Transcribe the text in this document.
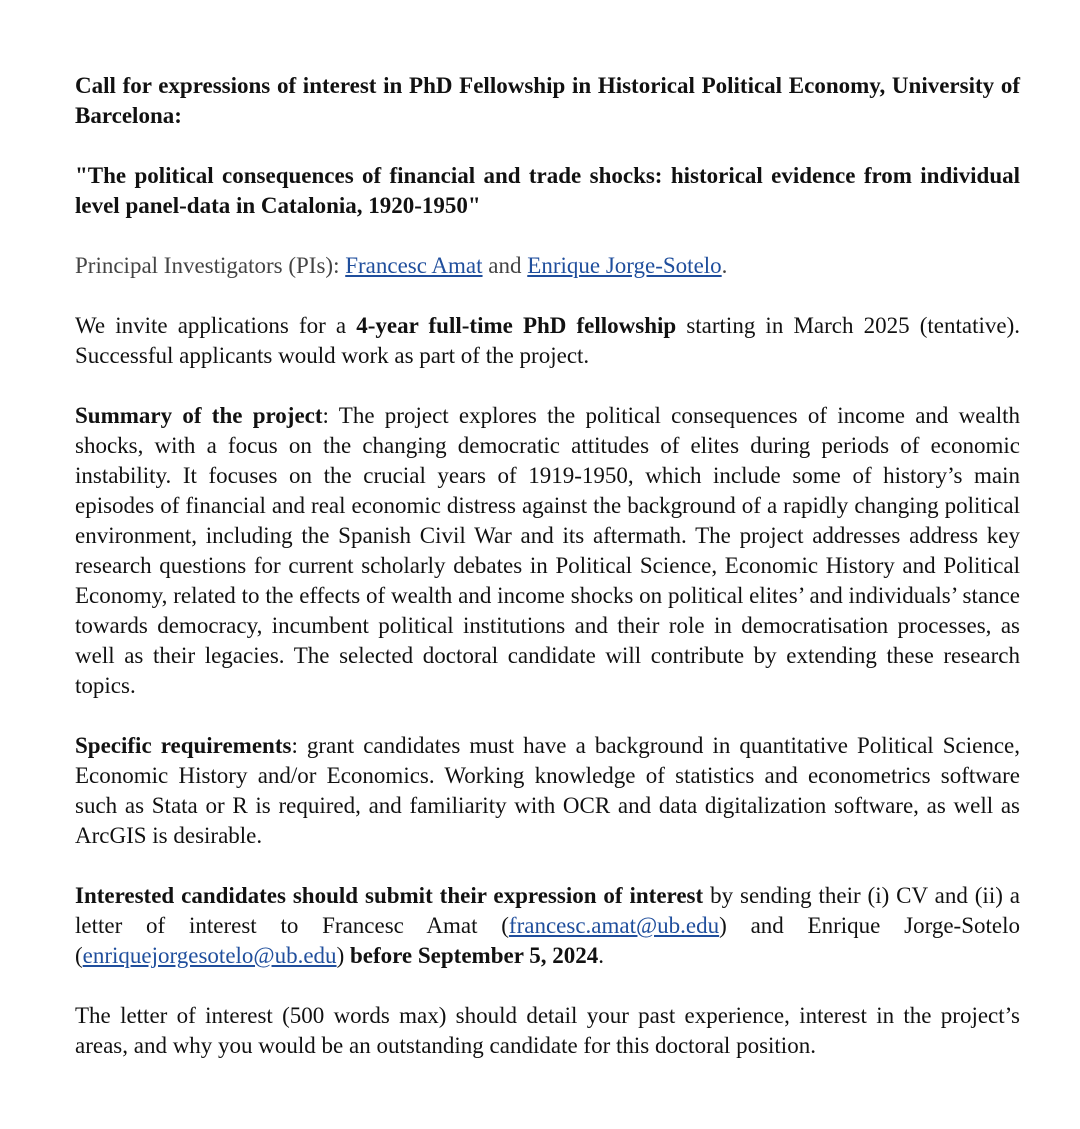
Call for expressions of interest in PhD Fellowship in Historical Political Economy, University of Barcelona:

"The political consequences of financial and trade shocks: historical evidence from individual level panel-data in Catalonia, 1920-1950"

Principal Investigators (PIs): Francesc Amat and Enrique Jorge-Sotelo.

We invite applications for a 4-year full-time PhD fellowship starting in March 2025 (tentative). Successful applicants would work as part of the project.

Summary of the project: The project explores the political consequences of income and wealth shocks, with a focus on the changing democratic attitudes of elites during periods of economic instability. It focuses on the crucial years of 1919-1950, which include some of history’s main episodes of financial and real economic distress against the background of a rapidly changing political environment, including the Spanish Civil War and its aftermath. The project addresses address key research questions for current scholarly debates in Political Science, Economic History and Political Economy, related to the effects of wealth and income shocks on political elites’ and individuals’ stance towards democracy, incumbent political institutions and their role in democratisation processes, as well as their legacies. The selected doctoral candidate will contribute by extending these research topics.

Specific requirements: grant candidates must have a background in quantitative Political Science, Economic History and/or Economics. Working knowledge of statistics and econometrics software such as Stata or R is required, and familiarity with OCR and data digitalization software, as well as ArcGIS is desirable.

Interested candidates should submit their expression of interest by sending their (i) CV and (ii) a letter of interest to Francesc Amat (francesc.amat@ub.edu) and Enrique Jorge-Sotelo (enriquejorgesotelo@ub.edu) before September 5, 2024.

The letter of interest (500 words max) should detail your past experience, interest in the project’s areas, and why you would be an outstanding candidate for this doctoral position.
